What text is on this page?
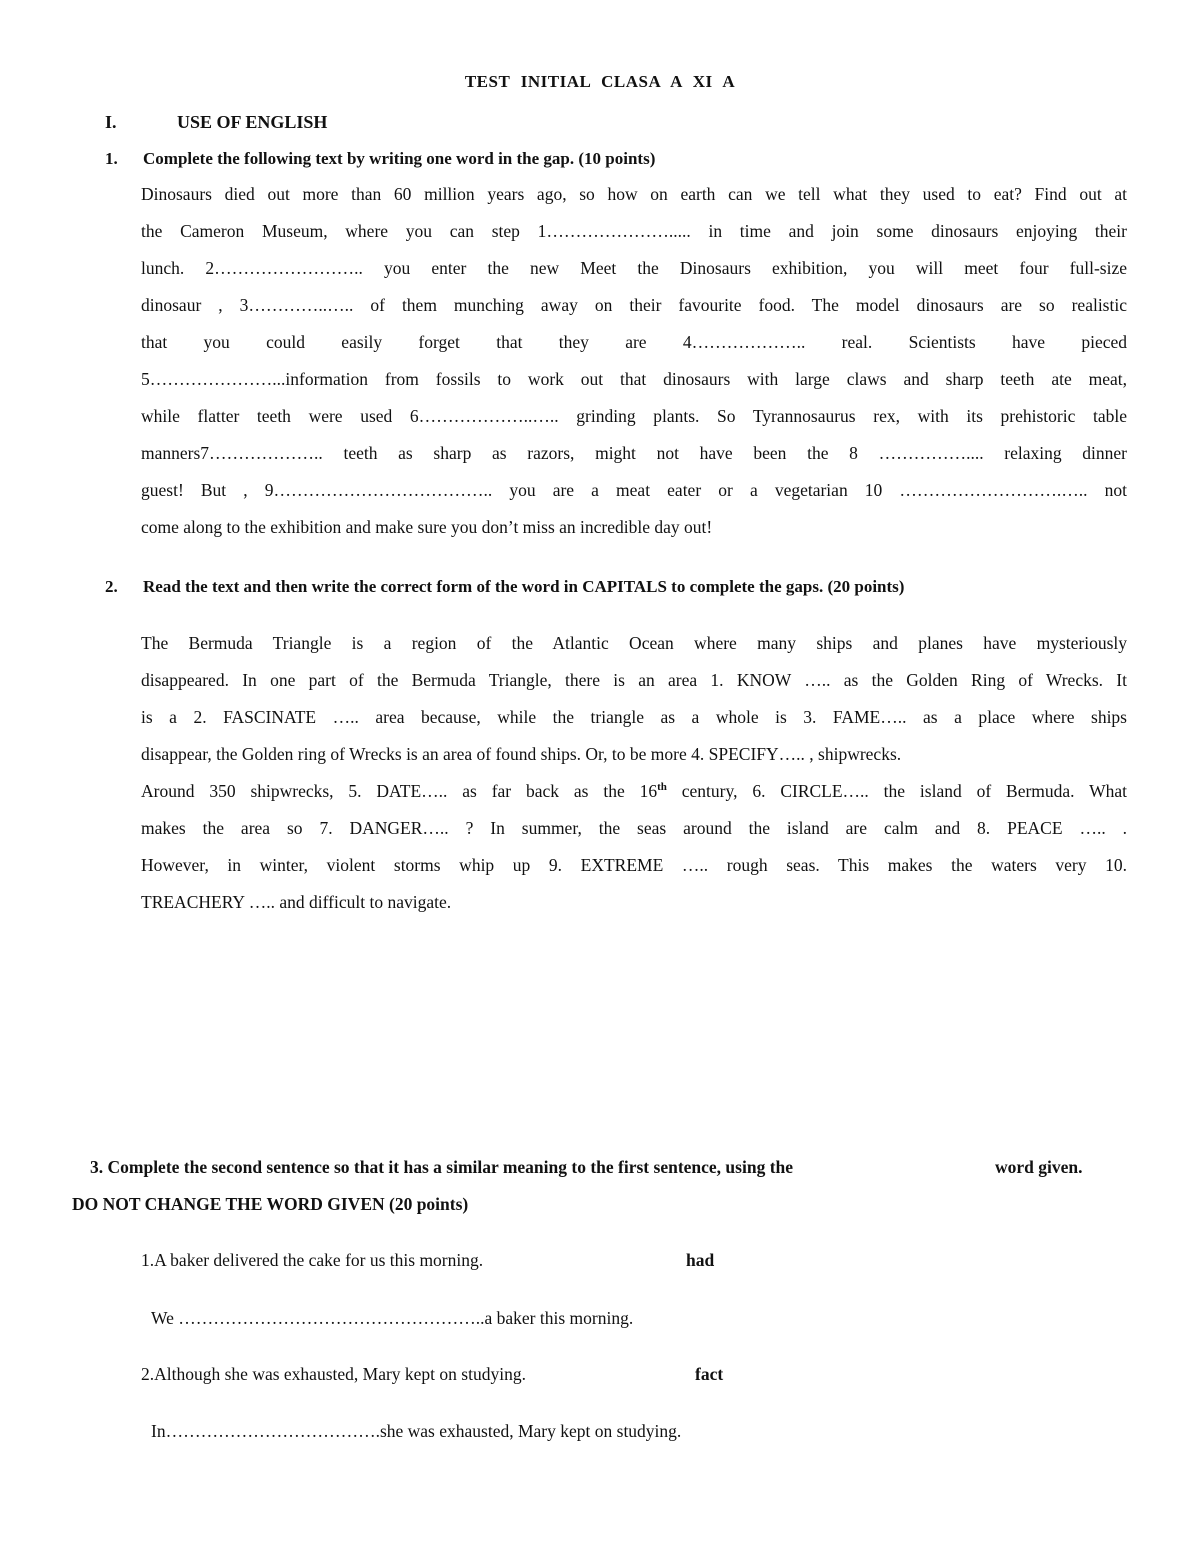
TEST INITIAL CLASA A XI A
I.	USE OF ENGLISH
1. Complete the following text by writing one word in the gap. (10 points)
Dinosaurs died out more than 60 million years ago, so how on earth can we tell what they used to eat? Find out at
the Cameron Museum, where you can step 1…………………..... in time and join some dinosaurs enjoying their
lunch. 2…………………….. you enter the new Meet the Dinosaurs exhibition, you will meet four full-size
dinosaur , 3…………..….. of them munching away on their favourite food. The model dinosaurs are so realistic
that you could easily forget that they are 4……………….. real. Scientists have pieced
5…………………...information from fossils to work out that dinosaurs with large claws and sharp teeth ate meat,
while flatter teeth were used 6………………..….. grinding plants. So Tyrannosaurus rex, with its prehistoric table
manners7……………….. teeth as sharp as razors, might not have been the 8 …………….... relaxing dinner
guest! But , 9……………………………….. you are a meat eater or a vegetarian 10 ……………………….….. not
come along to the exhibition and make sure you don’t miss an incredible day out!
2. Read the text and then write the correct form of the word in CAPITALS to complete the gaps. (20 points)
The Bermuda Triangle is a region of the Atlantic Ocean where many ships and planes have mysteriously
disappeared. In one part of the Bermuda Triangle, there is an area 1. KNOW ….. as the Golden Ring of Wrecks. It
is a 2. FASCINATE ….. area because, while the triangle as a whole is 3. FAME….. as a place where ships
disappear, the Golden ring of Wrecks is an area of found ships. Or, to be more 4. SPECIFY….. , shipwrecks.
Around 350 shipwrecks, 5. DATE….. as far back as the 16th century, 6. CIRCLE….. the island of Bermuda. What
makes the area so 7. DANGER….. ? In summer, the seas around the island are calm and 8. PEACE ….. .
However, in winter, violent storms whip up 9. EXTREME ….. rough seas. This makes the waters very 10.
TREACHERY ….. and difficult to navigate.
3. Complete the second sentence so that it has a similar meaning to the first sentence, using the	word given.
DO NOT CHANGE THE WORD GIVEN (20 points)
1.A baker delivered the cake for us this morning.	had
We ……………………………………………..a baker this morning.
2.Although she was exhausted, Mary kept on studying.	fact
In……………………………….she was exhausted, Mary kept on studying.
